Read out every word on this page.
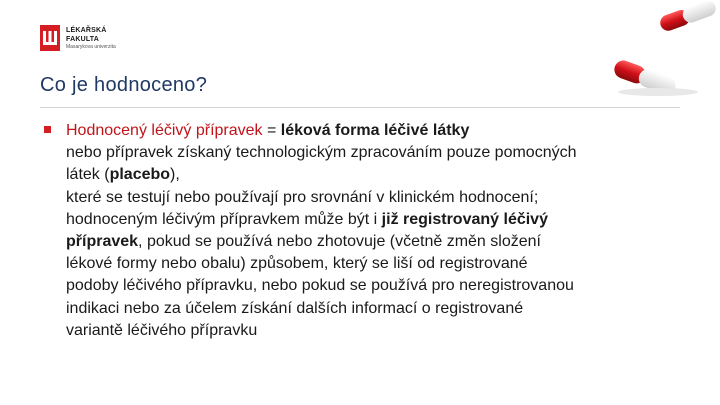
LÉKAŘSKÁ
FAKULTA
Masarykova univerzita
Co je hodnoceno?
Hodnocený léčivý přípravek = léková forma léčivé látky
nebo přípravek získaný technologickým zpracováním pouze pomocných
látek (placebo),
které se testují nebo používají pro srovnání v klinickém hodnocení;
hodnoceným léčivým přípravkem může být i již registrovaný léčivý
přípravek, pokud se používá nebo zhotovuje (včetně změn složení
lékové formy nebo obalu) způsobem, který se liší od registrované
podoby léčivého přípravku, nebo pokud se používá pro neregistrovanou
indikaci nebo za účelem získání dalších informací o registrované
variantě léčivého přípravku
